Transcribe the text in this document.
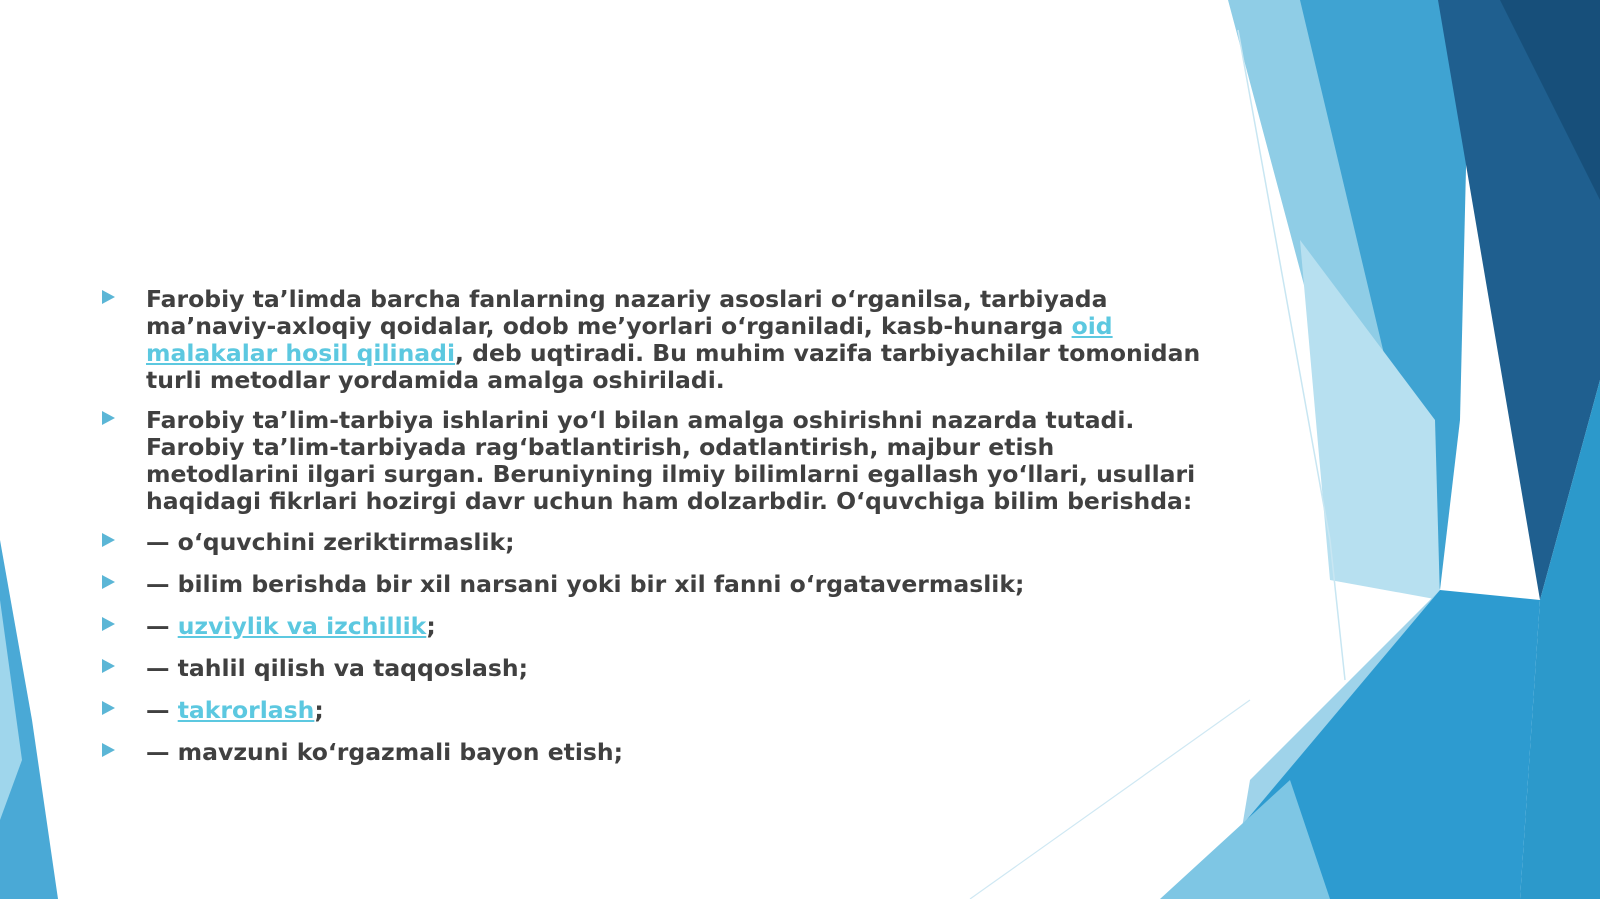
Farobiy ta’limda barcha fanlarning nazariy asoslari o‘rganilsa, tarbiyada ma’naviy-axloqiy qoidalar, odob me’yorlari o‘rganiladi, kasb-hunarga oid malakalar hosil qilinadi, deb uqtiradi. Bu muhim vazifa tarbiyachilar tomonidan turli metodlar yordamida amalga oshiriladi.
Farobiy ta’lim-tarbiya ishlarini yo‘l bilan amalga oshirishni nazarda tutadi. Farobiy ta’lim-tarbiyada rag‘batlantirish, odatlantirish, majbur etish metodlarini ilgari surgan. Beruniyning ilmiy bilimlarni egallash yo‘llari, usullari haqidagi fikrlari hozirgi davr uchun ham dolzarbdir. O‘quvchiga bilim berishda:
— o‘quvchini zeriktirmaslik;
— bilim berishda bir xil narsani yoki bir xil fanni o‘rgatavermaslik;
— uzviylik va izchillik;
— tahlil qilish va taqqoslash;
— takrorlash;
— mavzuni ko‘rgazmali bayon etish;
